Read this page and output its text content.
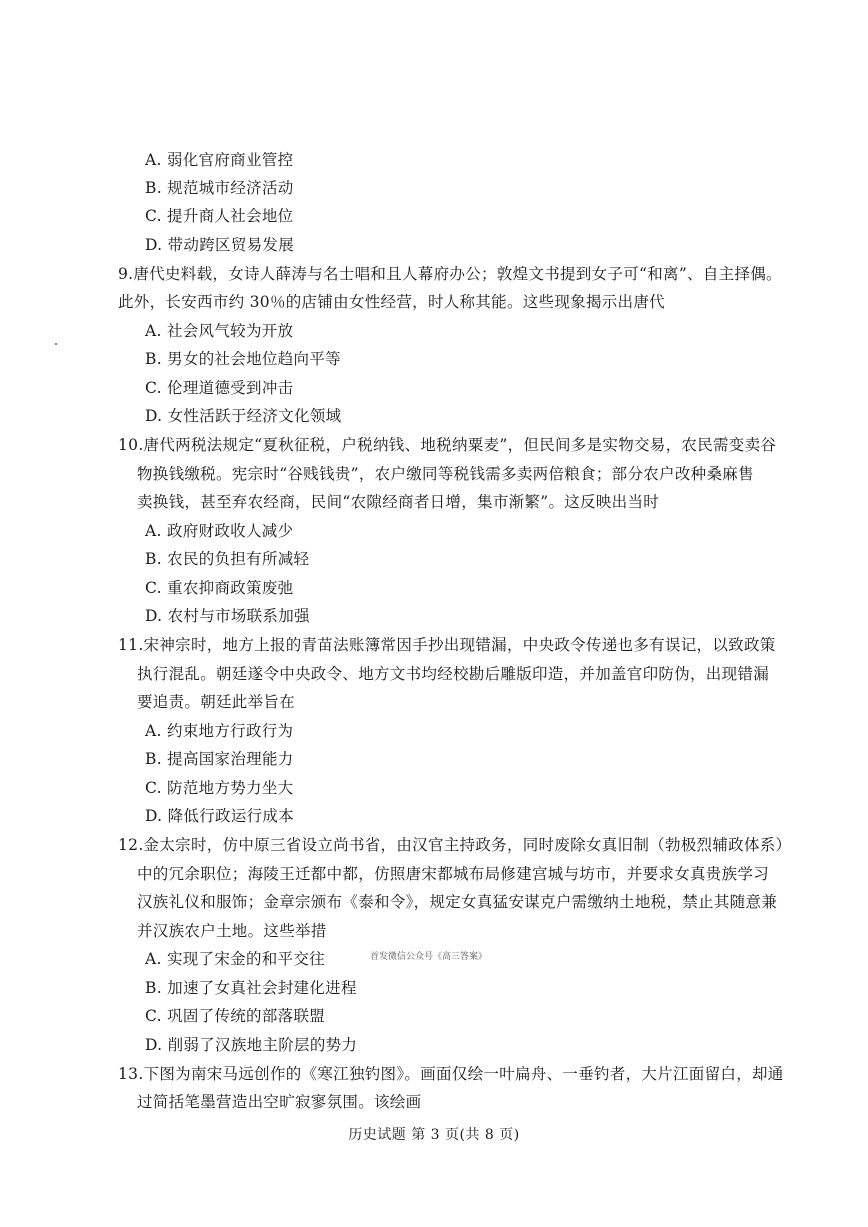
A. 弱化官府商业管控
B. 规范城市经济活动
C. 提升商人社会地位
D. 带动跨区贸易发展
9.唐代史料载，女诗人薛涛与名士唱和且人幕府办公；敦煌文书提到女子可“和离”、自主择偶。
此外，长安西市约 30％的店铺由女性经营，时人称其能。这些现象揭示出唐代
A. 社会风气较为开放
B. 男女的社会地位趋向平等
C. 伦理道德受到冲击
D. 女性活跃于经济文化领域
10.唐代两税法规定“夏秋征税，户税纳钱、地税纳粟麦”，但民间多是实物交易，农民需变卖谷
物换钱缴税。宪宗时“谷贱钱贵”，农户缴同等税钱需多卖两倍粮食；部分农户改种桑麻售
卖换钱，甚至弃农经商，民间“农隙经商者日增，集市渐繁”。这反映出当时
A. 政府财政收人减少
B. 农民的负担有所减轻
C. 重农抑商政策废弛
D. 农村与市场联系加强
11.宋神宗时，地方上报的青苗法账簿常因手抄出现错漏，中央政令传递也多有误记，以致政策
执行混乱。朝廷遂令中央政令、地方文书均经校勘后雕版印造，并加盖官印防伪，出现错漏
要追责。朝廷此举旨在
A. 约束地方行政行为
B. 提高国家治理能力
C. 防范地方势力坐大
D. 降低行政运行成本
12.金太宗时，仿中原三省设立尚书省，由汉官主持政务，同时废除女真旧制（勃极烈辅政体系）
中的冗余职位；海陵王迁都中都，仿照唐宋都城布局修建宫城与坊市，并要求女真贵族学习
汉族礼仪和服饰；金章宗颁布《泰和令》，规定女真猛安谋克户需缴纳土地税，禁止其随意兼
并汉族农户土地。这些举措
A. 实现了宋金的和平交往	首发微信公众号《高三答案》
B. 加速了女真社会封建化进程
C. 巩固了传统的部落联盟
D. 削弱了汉族地主阶层的势力
13.下图为南宋马远创作的《寒江独钓图》。画面仅绘一叶扁舟、一垂钓者，大片江面留白，却通
过简括笔墨营造出空旷寂寥氛围。该绘画
历史试题 第 3 页(共 8 页)
